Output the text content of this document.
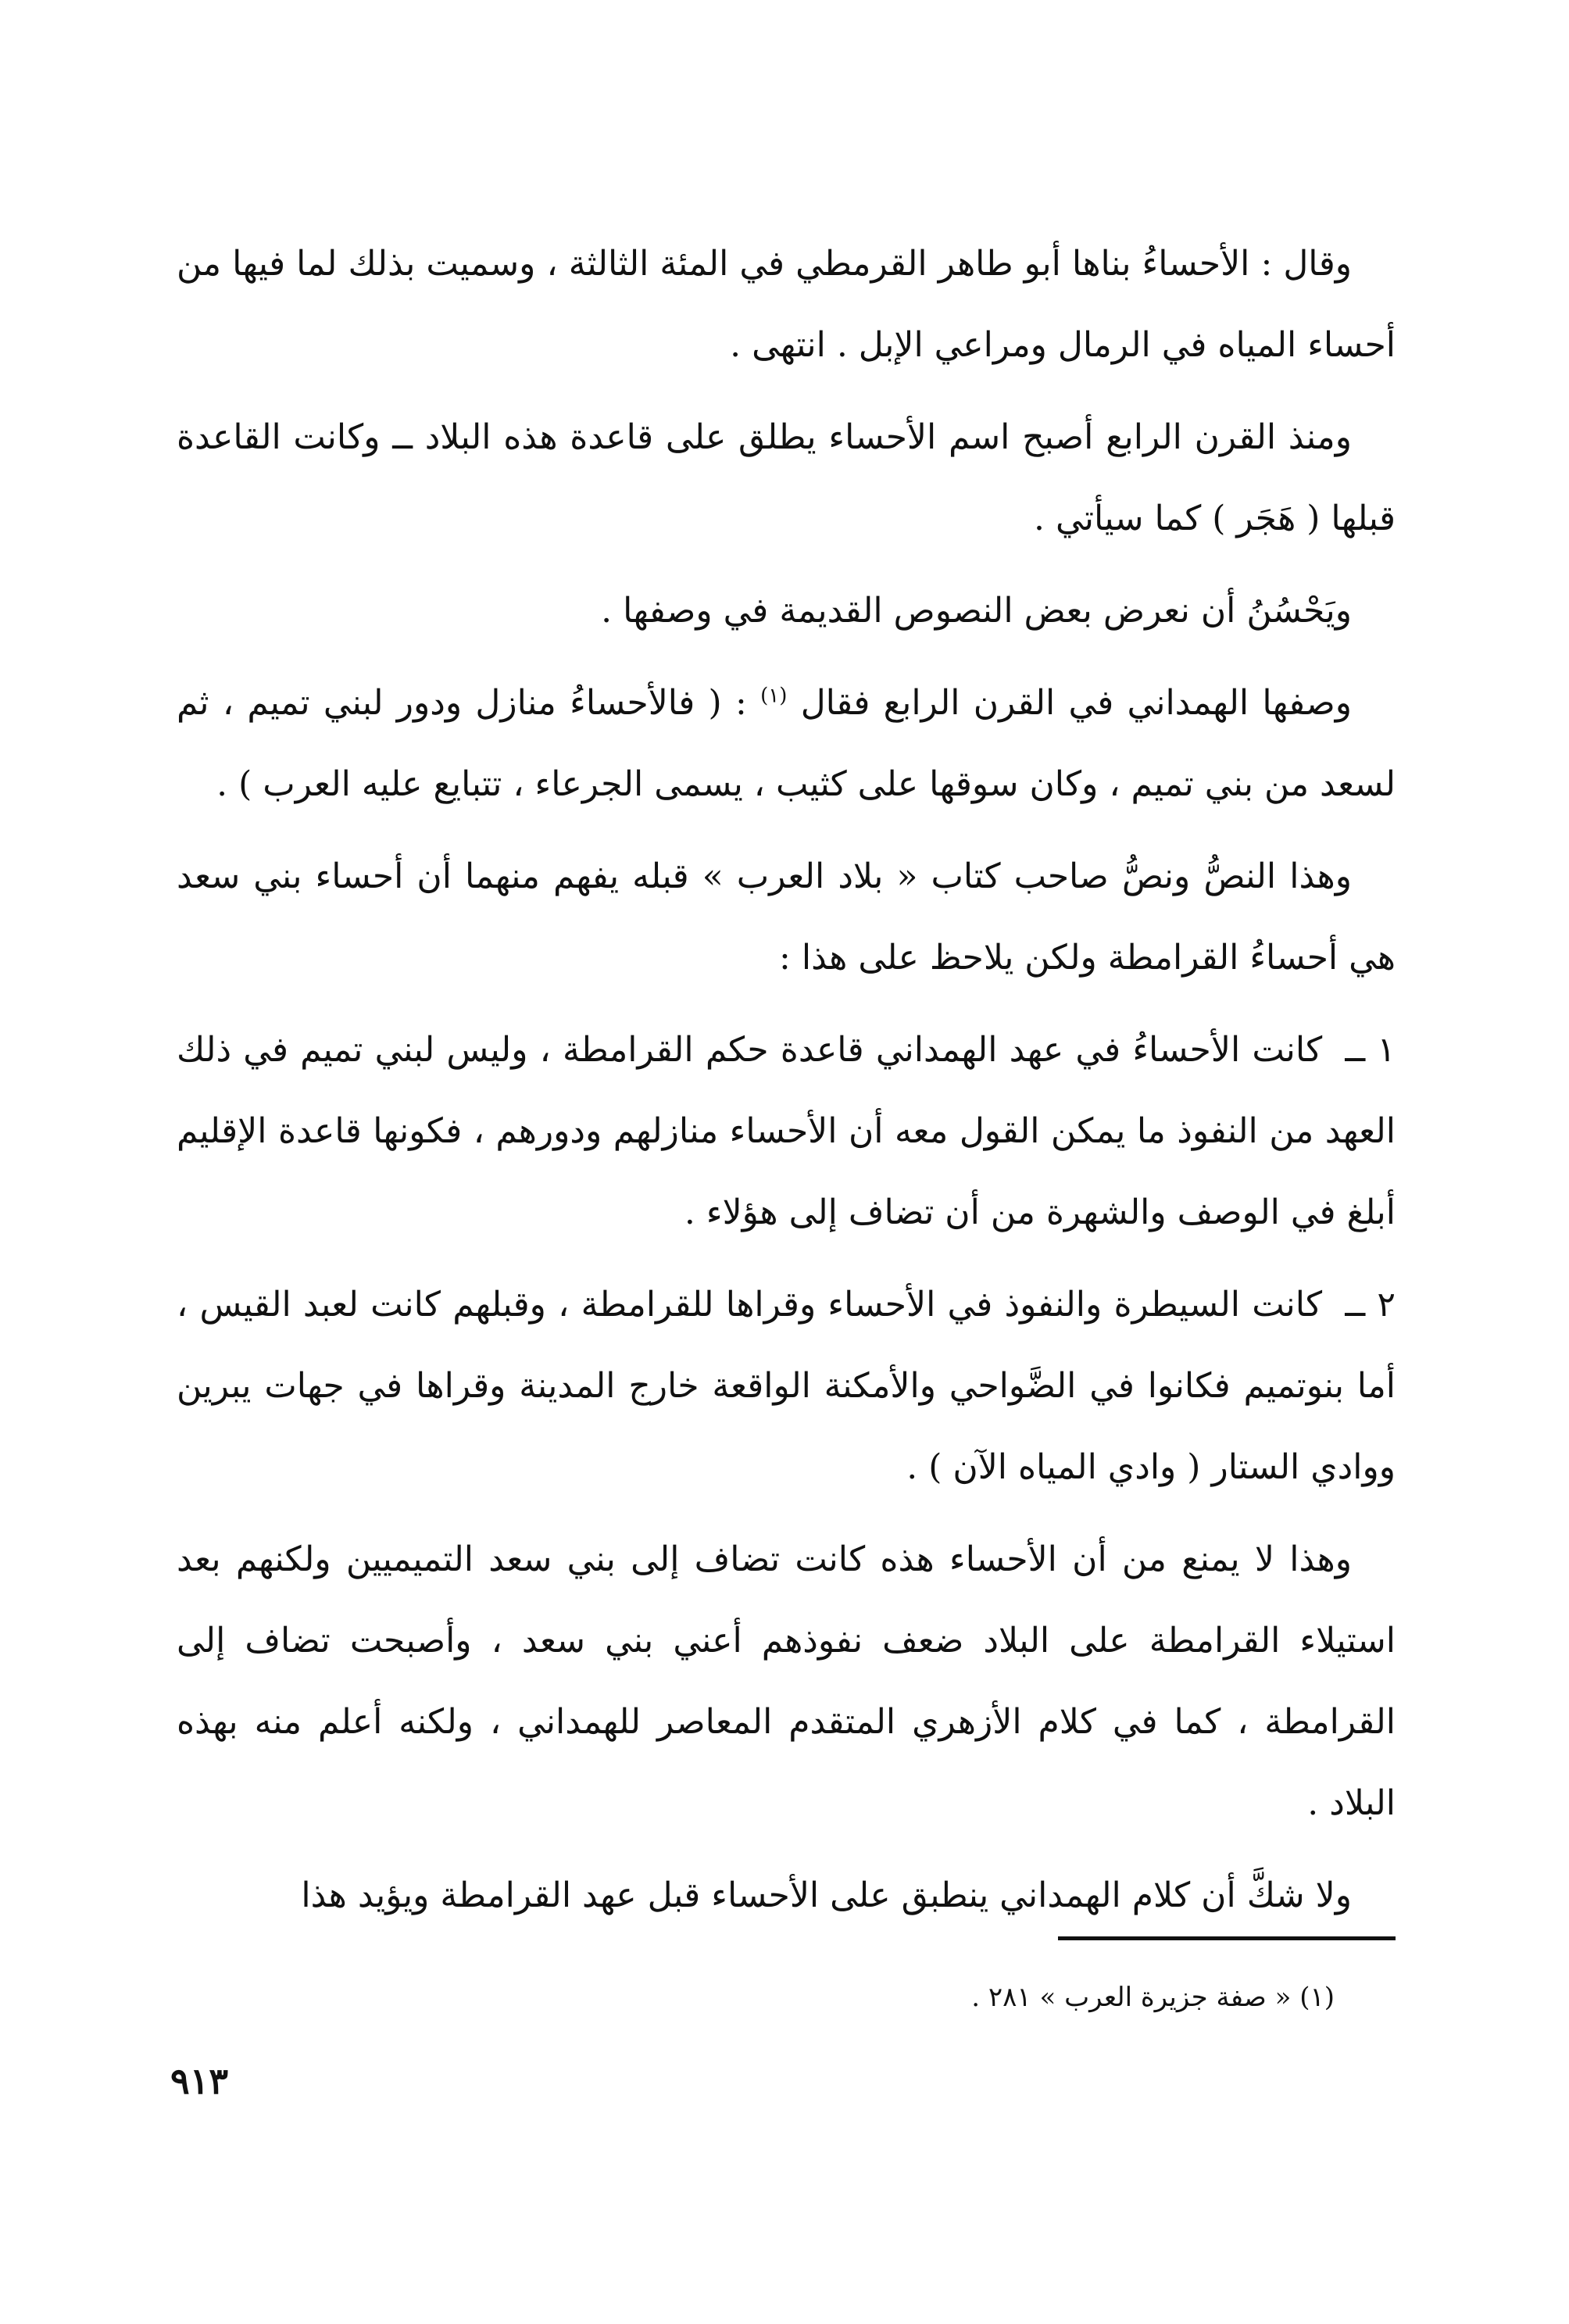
وقال : الأحساءُ بناها أبو طاهر القرمطي في المئة الثالثة ، وسميت بذلك لما فيها من أحساء المياه في الرمال ومراعي الإبل . انتهى .

ومنذ القرن الرابع أصبح اسم الأحساء يطلق على قاعدة هذه البلاد ــ وكانت القاعدة قبلها ( هَجَر ) كما سيأتي .

ويَحْسُنُ أن نعرض بعض النصوص القديمة في وصفها .

وصفها الهمداني في القرن الرابع فقال $^{(١)}$ : ( فالأحساءُ منازل ودور لبني تميم ، ثم لسعد من بني تميم ، وكان سوقها على كثيب ، يسمى الجرعاء ، تتبايع عليه العرب ) .

وهذا النصُّ ونصُّ صاحب كتاب « بلاد العرب » قبله يفهم منهما أن أحساء بني سعد هي أحساءُ القرامطة ولكن يلاحظ على هذا :

١ ــ كانت الأحساءُ في عهد الهمداني قاعدة حكم القرامطة ، وليس لبني تميم في ذلك العهد من النفوذ ما يمكن القول معه أن الأحساء منازلهم ودورهم ، فكونها قاعدة الإقليم أبلغ في الوصف والشهرة من أن تضاف إلى هؤلاء .

٢ ــ كانت السيطرة والنفوذ في الأحساء وقراها للقرامطة ، وقبلهم كانت لعبد القيس ، أما بنوتميم فكانوا في الضَّواحي والأمكنة الواقعة خارج المدينة وقراها في جهات يبرين ووادي الستار ( وادي المياه الآن ) .

وهذا لا يمنع من أن الأحساء هذه كانت تضاف إلى بني سعد التميميين ولكنهم بعد استيلاء القرامطة على البلاد ضعف نفوذهم أعني بني سعد ، وأصبحت تضاف إلى القرامطة ، كما في كلام الأزهري المتقدم المعاصر للهمداني ، ولكنه أعلم منه بهذه البلاد .

ولا شكَّ أن كلام الهمداني ينطبق على الأحساء قبل عهد القرامطة ويؤيد هذا

(١) « صفة جزيرة العرب » ٢٨١ .
٩١٣
